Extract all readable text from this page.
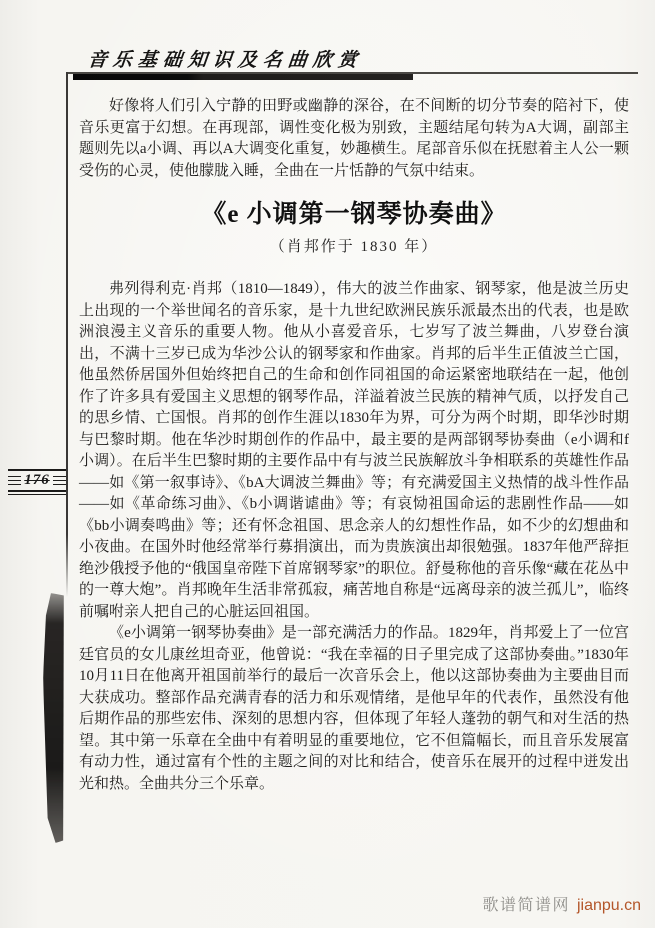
音乐基础知识及名曲欣赏
176

好像将人们引入宁静的田野或幽静的深谷，在不间断的切分节奏的陪衬下，使音乐更富于幻想。在再现部，调性变化极为别致，主题结尾句转为A大调，副部主题则先以a小调、再以A大调变化重复，妙趣横生。尾部音乐似在抚慰着主人公一颗受伤的心灵，使他朦胧入睡，全曲在一片恬静的气氛中结束。

《e 小调第一钢琴协奏曲》
（肖邦作于 1830 年）

弗列得利克·肖邦（1810—1849），伟大的波兰作曲家、钢琴家，他是波兰历史上出现的一个举世闻名的音乐家，是十九世纪欧洲民族乐派最杰出的代表，也是欧洲浪漫主义音乐的重要人物。他从小喜爱音乐，七岁写了波兰舞曲，八岁登台演出，不满十三岁已成为华沙公认的钢琴家和作曲家。肖邦的后半生正值波兰亡国，他虽然侨居国外但始终把自己的生命和创作同祖国的命运紧密地联结在一起，他创作了许多具有爱国主义思想的钢琴作品，洋溢着波兰民族的精神气质，以抒发自己的思乡情、亡国恨。肖邦的创作生涯以1830年为界，可分为两个时期，即华沙时期与巴黎时期。他在华沙时期创作的作品中，最主要的是两部钢琴协奏曲（e小调和f小调）。在后半生巴黎时期的主要作品中有与波兰民族解放斗争相联系的英雄性作品——如《第一叙事诗》、《bA大调波兰舞曲》等；有充满爱国主义热情的战斗性作品——如《革命练习曲》、《b小调谐谑曲》等；有哀恸祖国命运的悲剧性作品——如《bb小调奏鸣曲》等；还有怀念祖国、思念亲人的幻想性作品，如不少的幻想曲和小夜曲。在国外时他经常举行募捐演出，而为贵族演出却很勉强。1837年他严辞拒绝沙俄授予他的“俄国皇帝陛下首席钢琴家”的职位。舒曼称他的音乐像“藏在花丛中的一尊大炮”。肖邦晚年生活非常孤寂，痛苦地自称是“远离母亲的波兰孤儿”，临终前嘱咐亲人把自己的心脏运回祖国。

《e小调第一钢琴协奏曲》是一部充满活力的作品。1829年，肖邦爱上了一位宫廷官员的女儿康丝坦奇亚，他曾说：“我在幸福的日子里完成了这部协奏曲。”1830年10月11日在他离开祖国前举行的最后一次音乐会上，他以这部协奏曲为主要曲目而大获成功。整部作品充满青春的活力和乐观情绪，是他早年的代表作，虽然没有他后期作品的那些宏伟、深刻的思想内容，但体现了年轻人蓬勃的朝气和对生活的热望。其中第一乐章在全曲中有着明显的重要地位，它不但篇幅长，而且音乐发展富有动力性，通过富有个性的主题之间的对比和结合，使音乐在展开的过程中迸发出光和热。全曲共分三个乐章。

歌谱简谱网 jianpu.cn
